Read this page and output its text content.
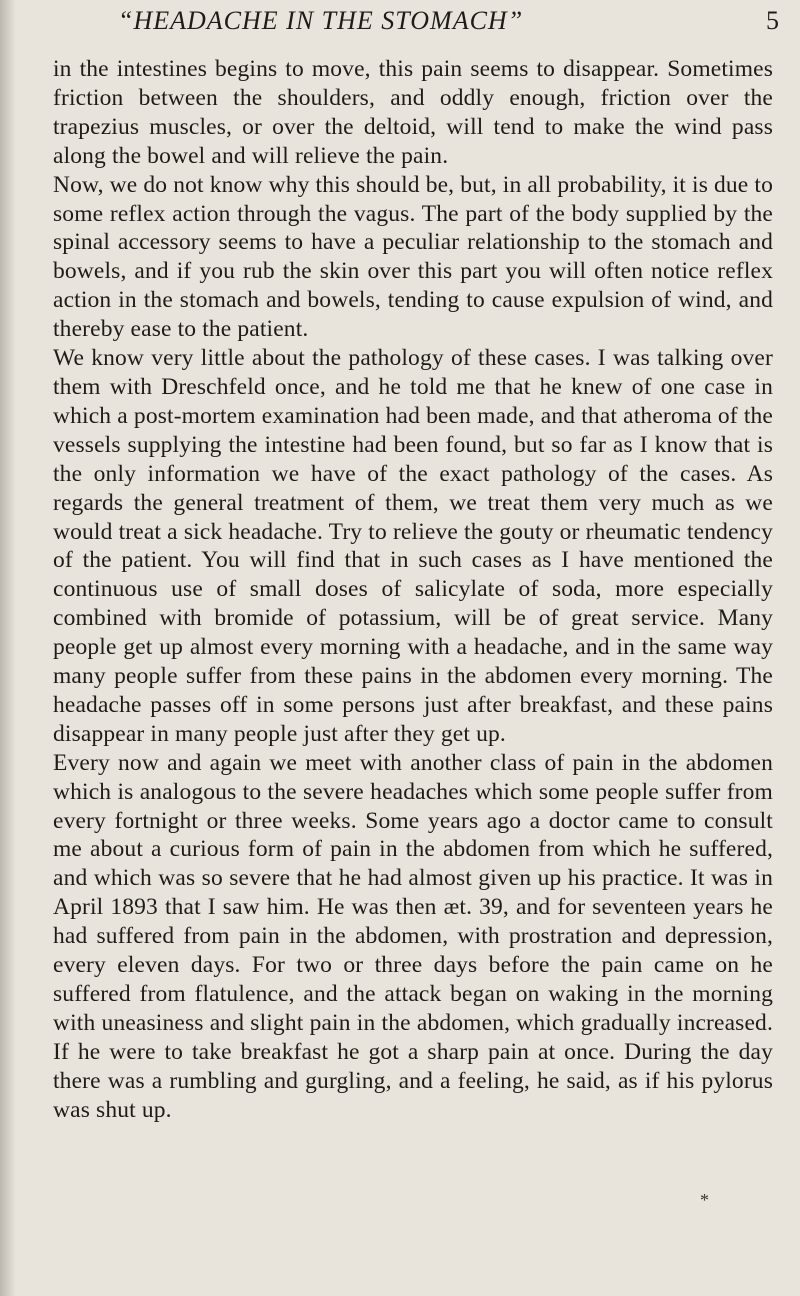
“HEADACHE IN THE STOMACH”	5

in the intestines begins to move, this pain seems to disappear. Sometimes friction between the shoulders, and oddly enough, friction over the trapezius muscles, or over the deltoid, will tend to make the wind pass along the bowel and will relieve the pain.

Now, we do not know why this should be, but, in all probability, it is due to some reflex action through the vagus. The part of the body supplied by the spinal accessory seems to have a peculiar relationship to the stomach and bowels, and if you rub the skin over this part you will often notice reflex action in the stomach and bowels, tending to cause expulsion of wind, and thereby ease to the patient.

We know very little about the pathology of these cases. I was talking over them with Dreschfeld once, and he told me that he knew of one case in which a post-mortem examination had been made, and that atheroma of the vessels supplying the intestine had been found, but so far as I know that is the only information we have of the exact pathology of the cases. As regards the general treatment of them, we treat them very much as we would treat a sick headache. Try to relieve the gouty or rheumatic tendency of the patient. You will find that in such cases as I have mentioned the continuous use of small doses of salicylate of soda, more especially combined with bromide of potassium, will be of great service. Many people get up almost every morning with a headache, and in the same way many people suffer from these pains in the abdomen every morning. The headache passes off in some persons just after breakfast, and these pains disappear in many people just after they get up.

Every now and again we meet with another class of pain in the abdomen which is analogous to the severe headaches which some people suffer from every fortnight or three weeks. Some years ago a doctor came to consult me about a curious form of pain in the abdomen from which he suffered, and which was so severe that he had almost given up his practice. It was in April 1893 that I saw him. He was then æt. 39, and for seventeen years he had suffered from pain in the abdomen, with prostration and depression, every eleven days. For two or three days before the pain came on he suffered from flatulence, and the attack began on waking in the morning with uneasiness and slight pain in the abdomen, which gradually increased. If he were to take breakfast he got a sharp pain at once. During the day there was a rumbling and gurgling, and a feeling, he said, as if his pylorus was shut up.

*
